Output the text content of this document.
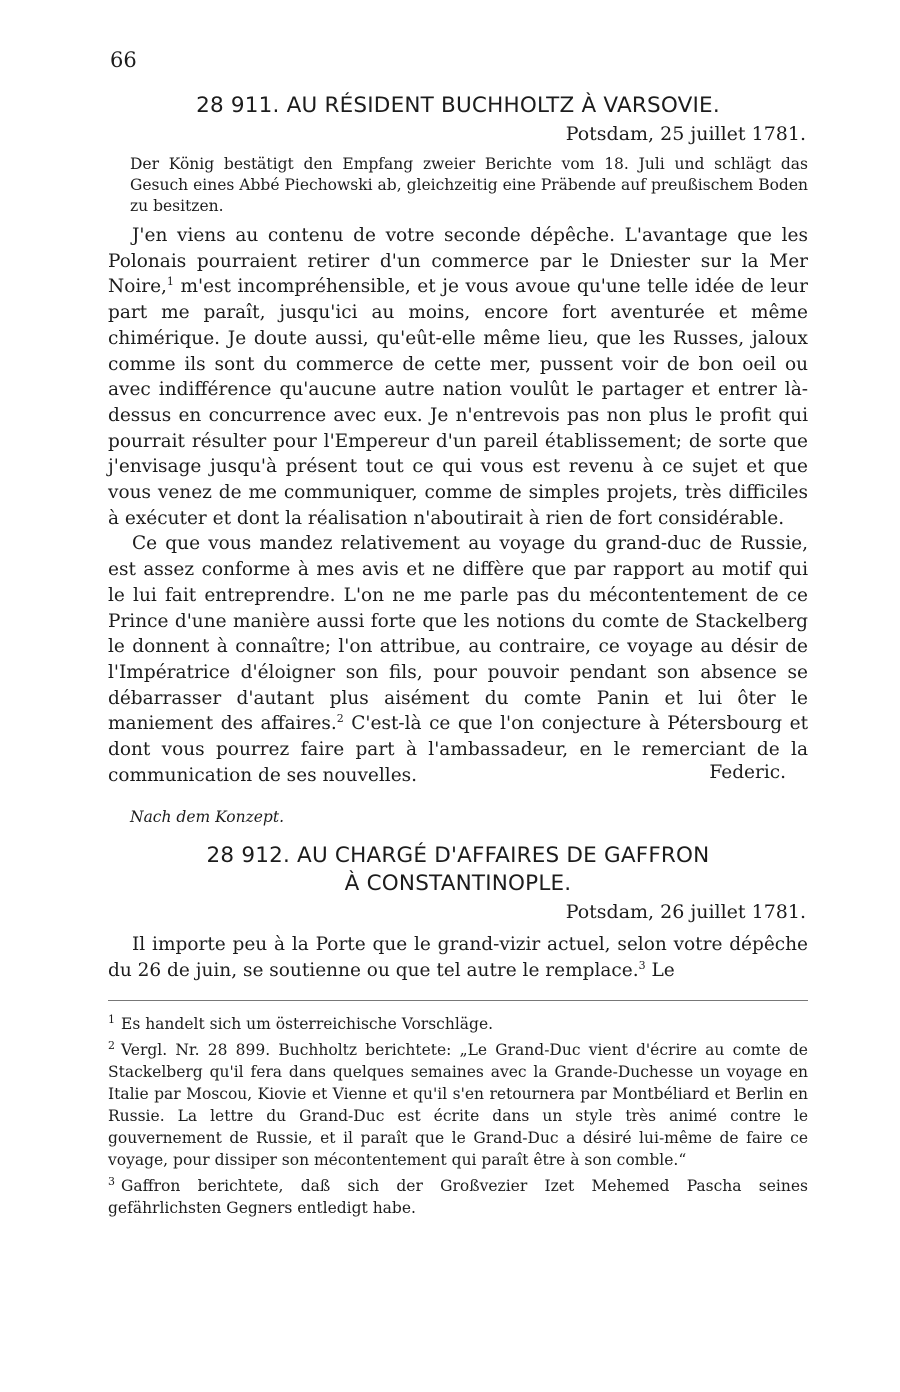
66
28 911. AU RÉSIDENT BUCHHOLTZ À VARSOVIE.
Potsdam, 25 juillet 1781.

Der König bestätigt den Empfang zweier Berichte vom 18. Juli und schlägt das Gesuch eines Abbé Piechowski ab, gleichzeitig eine Präbende auf preußischem Boden zu besitzen.

J'en viens au contenu de votre seconde dépêche. L'avantage que les Polonais pourraient retirer d'un commerce par le Dniester sur la Mer Noire,$^1$ m'est incompréhensible, et je vous avoue qu'une telle idée de leur part me paraît, jusqu'ici au moins, encore fort aventurée et même chimérique. Je doute aussi, qu'eût-elle même lieu, que les Russes, jaloux comme ils sont du commerce de cette mer, pussent voir de bon oeil ou avec indifférence qu'aucune autre nation voulût le partager et entrer là-dessus en concurrence avec eux. Je n'entrevois pas non plus le profit qui pourrait résulter pour l'Empereur d'un pareil établissement; de sorte que j'envisage jusqu'à présent tout ce qui vous est revenu à ce sujet et que vous venez de me communiquer, comme de simples projets, très difficiles à exécuter et dont la réalisation n'aboutirait à rien de fort considérable.

Ce que vous mandez relativement au voyage du grand-duc de Russie, est assez conforme à mes avis et ne diffère que par rapport au motif qui le lui fait entreprendre. L'on ne me parle pas du mécontentement de ce Prince d'une manière aussi forte que les notions du comte de Stackelberg le donnent à connaître; l'on attribue, au contraire, ce voyage au désir de l'Impératrice d'éloigner son fils, pour pouvoir pendant son absence se débarrasser d'autant plus aisément du comte Panin et lui ôter le maniement des affaires.$^2$ C'est-là ce que l'on conjecture à Pétersbourg et dont vous pourrez faire part à l'ambassadeur, en le remerciant de la communication de ses nouvelles.	Federic.
Nach dem Konzept.
28 912. AU CHARGÉ D'AFFAIRES DE GAFFRON
À CONSTANTINOPLE.
Potsdam, 26 juillet 1781.

Il importe peu à la Porte que le grand-vizir actuel, selon votre dépêche du 26 de juin, se soutienne ou que tel autre le remplace.$^3$ Le

$^1$ Es handelt sich um österreichische Vorschläge.

$^2$ Vergl. Nr. 28 899. Buchholtz berichtete: „Le Grand-Duc vient d'écrire au comte de Stackelberg qu'il fera dans quelques semaines avec la Grande-Duchesse un voyage en Italie par Moscou, Kiovie et Vienne et qu'il s'en retournera par Montbéliard et Berlin en Russie. La lettre du Grand-Duc est écrite dans un style très animé contre le gouvernement de Russie, et il paraît que le Grand-Duc a désiré lui-même de faire ce voyage, pour dissiper son mécontentement qui paraît être à son comble.“

$^3$ Gaffron berichtete, daß sich der Großvezier Izet Mehemed Pascha seines gefährlichsten Gegners entledigt habe.
